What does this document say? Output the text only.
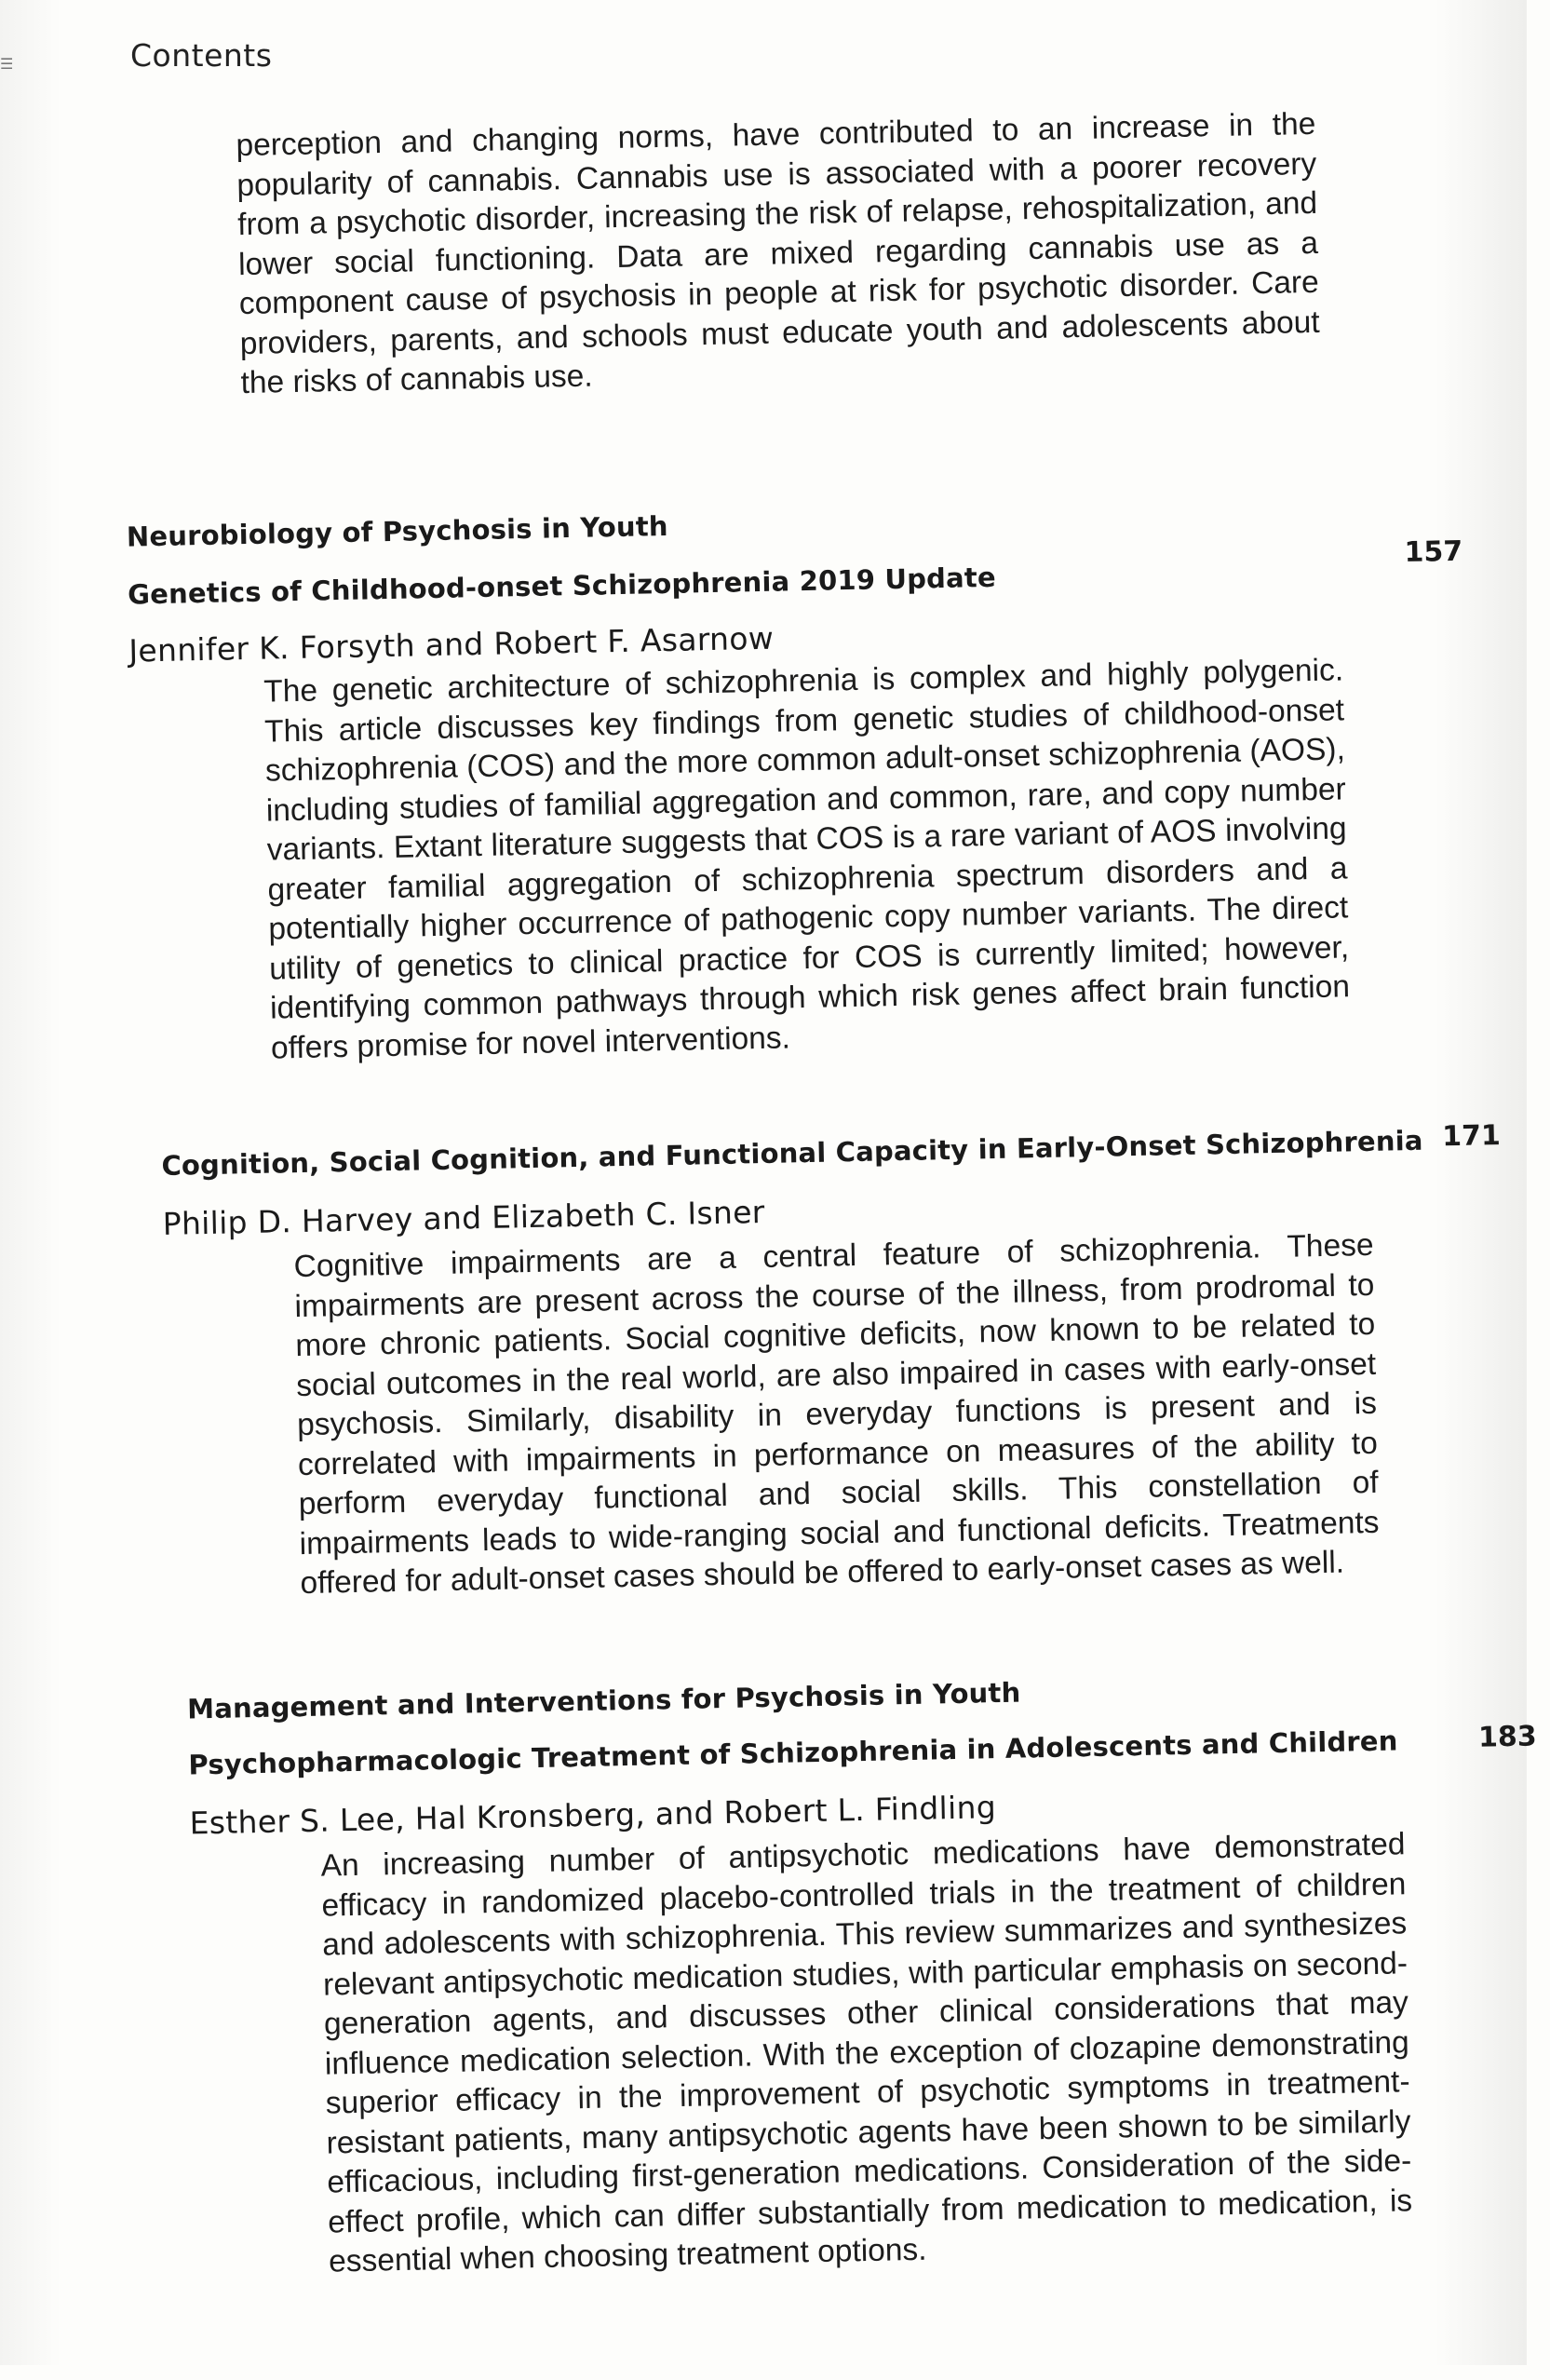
☰	Contents

perception and changing norms, have contributed to an increase in the popularity of cannabis. Cannabis use is associated with a poorer recovery from a psychotic disorder, increasing the risk of relapse, rehospitalization, and lower social functioning. Data are mixed regarding cannabis use as a component cause of psychosis in people at risk for psychotic disorder. Care providers, parents, and schools must educate youth and adolescents about the risks of cannabis use.

Neurobiology of Psychosis in Youth
Genetics of Childhood-onset Schizophrenia 2019 Update
157
Jennifer K. Forsyth and Robert F. Asarnow

The genetic architecture of schizophrenia is complex and highly polygenic. This article discusses key findings from genetic studies of childhood-onset schizophrenia (COS) and the more common adult-onset schizophrenia (AOS), including studies of familial aggregation and common, rare, and copy number variants. Extant literature suggests that COS is a rare variant of AOS involving greater familial aggregation of schizophrenia spectrum disorders and a potentially higher occurrence of pathogenic copy number variants. The direct utility of genetics to clinical practice for COS is currently limited; however, identifying common pathways through which risk genes affect brain function offers promise for novel interventions.

Cognition, Social Cognition, and Functional Capacity in Early-Onset Schizophrenia 171
Philip D. Harvey and Elizabeth C. Isner

Cognitive impairments are a central feature of schizophrenia. These impairments are present across the course of the illness, from prodromal to more chronic patients. Social cognitive deficits, now known to be related to social outcomes in the real world, are also impaired in cases with early-onset psychosis. Similarly, disability in everyday functions is present and is correlated with impairments in performance on measures of the ability to perform everyday functional and social skills. This constellation of impairments leads to wide-ranging social and functional deficits. Treatments offered for adult-onset cases should be offered to early-onset cases as well.

Management and Interventions for Psychosis in Youth
Psychopharmacologic Treatment of Schizophrenia in Adolescents and Children	183
Esther S. Lee, Hal Kronsberg, and Robert L. Findling

An increasing number of antipsychotic medications have demonstrated efficacy in randomized placebo-controlled trials in the treatment of children and adolescents with schizophrenia. This review summarizes and synthesizes relevant antipsychotic medication studies, with particular emphasis on second-generation agents, and discusses other clinical considerations that may influence medication selection. With the exception of clozapine demonstrating superior efficacy in the improvement of psychotic symptoms in treatment-resistant patients, many antipsychotic agents have been shown to be similarly efficacious, including first-generation medications. Consideration of the side-effect profile, which can differ substantially from medication to medication, is essential when choosing treatment options.
